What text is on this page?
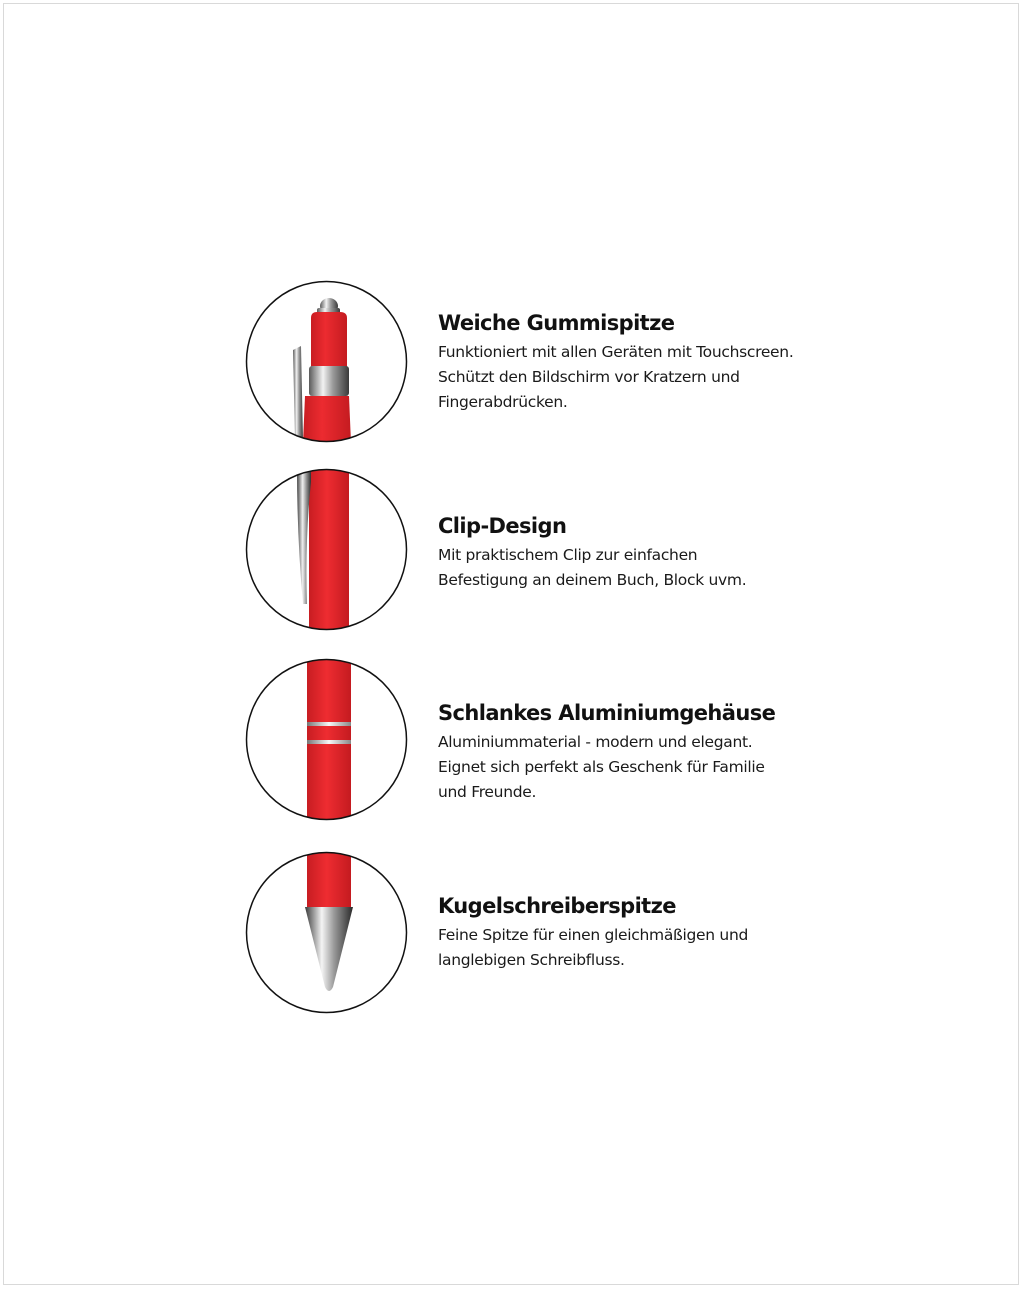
Weiche Gummispitze

Funktioniert mit allen Geräten mit Touchscreen.
Schützt den Bildschirm vor Kratzern und
Fingerabdrücken.

Clip-Design

Mit praktischem Clip zur einfachen
Befestigung an deinem Buch, Block uvm.

Schlankes Aluminiumgehäuse

Aluminiummaterial - modern und elegant.
Eignet sich perfekt als Geschenk für Familie
und Freunde.

Kugelschreiberspitze

Feine Spitze für einen gleichmäßigen und
langlebigen Schreibfluss.
